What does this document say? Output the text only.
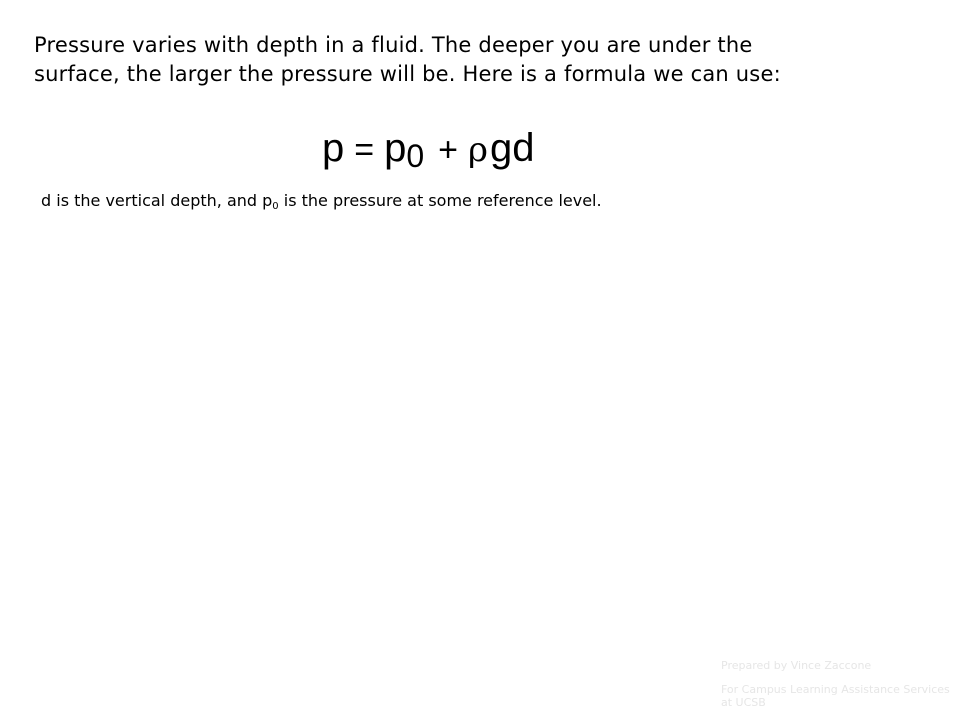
Pressure varies with depth in a fluid. The deeper you are under the
surface, the larger the pressure will be. Here is a formula we can use:
p = p0 + ρgd
d is the vertical depth, and $p_0$ is the pressure at some reference level.
Prepared by Vince Zaccone
For Campus Learning Assistance Services at UCSB
